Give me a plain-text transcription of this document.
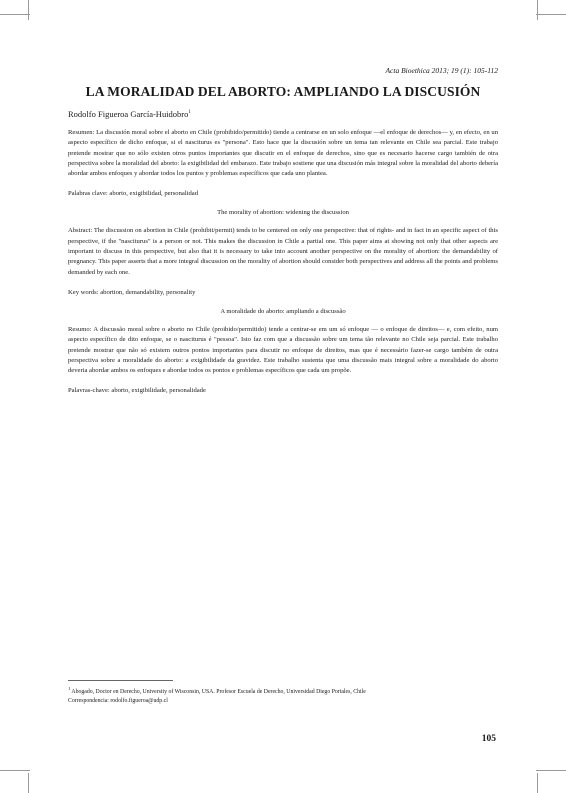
Acta Bioethica 2013; 19 (1): 105-112
LA MORALIDAD DEL ABORTO: AMPLIANDO LA DISCUSIÓN
Rodolfo Figueroa García-Huidobro$^1$

Resumen: La discusión moral sobre el aborto en Chile (prohibido/permitido) tiende a centrarse en un solo enfoque —el enfoque de derechos— y, en efecto, en un aspecto específico de dicho enfoque, si el nasciturus es "persona". Esto hace que la discusión sobre un tema tan relevante en Chile sea parcial. Este trabajo pretende mostrar que no sólo existen otros puntos importantes que discutir en el enfoque de derechos, sino que es necesario hacerse cargo también de otra perspectiva sobre la moralidad del aborto: la exigibilidad del embarazo. Este trabajo sostiene que una discusión más integral sobre la moralidad del aborto debería abordar ambos enfoques y abordar todos los puntos y problemas específicos que cada uno plantea.

Palabras clave: aborto, exigibilidad, personalidad
The morality of abortion: widening the discussion

Abstract: The discussion on abortion in Chile (prohibit/permit) tends to be centered on only one perspective: that of rights- and in fact in an specific aspect of this perspective, if the "nasciturus" is a person or not. This makes the discussion in Chile a partial one. This paper aims at showing not only that other aspects are important to discuss in this perspective, but also that it is necessary to take into account another perspective on the morality of abortion: the demandability of pregnancy. This paper asserts that a more integral discussion on the morality of abortion should consider both perspectives and address all the points and problems demanded by each one.

Key words: abortion, demandability, personality
A moralidade do aborto: ampliando a discussão

Resumo: A discussão moral sobre o aborto no Chile (proibido/permitido) tende a centrar-se em um só enfoque — o enfoque de direitos— e, com efeito, num aspecto específico de dito enfoque, se o nasciturus é "pessoa". Isto faz com que a discussão sobre um tema tão relevante no Chile seja parcial. Este trabalho pretende mostrar que não só existem outros pontos importantes para discutir no enfoque de direitos, mas que é necessário fazer-se cargo também de outra perspectiva sobre a moralidade do aborto: a exigibilidade da gravidez. Este trabalho sustenta que uma discussão mais integral sobre a moralidade do aborto deveria abordar ambos os enfoques e abordar todos os pontos e problemas específicos que cada um propõe.

Palavras-chave: aborto, exigibilidade, personalidade
$^1$ Abogado, Doctor en Derecho, University of Wisconsin, USA. Profesor Escuela de Derecho, Universidad Diego Portales, Chile
Correspondencia: rodolfo.figueroa@udp.cl
105
